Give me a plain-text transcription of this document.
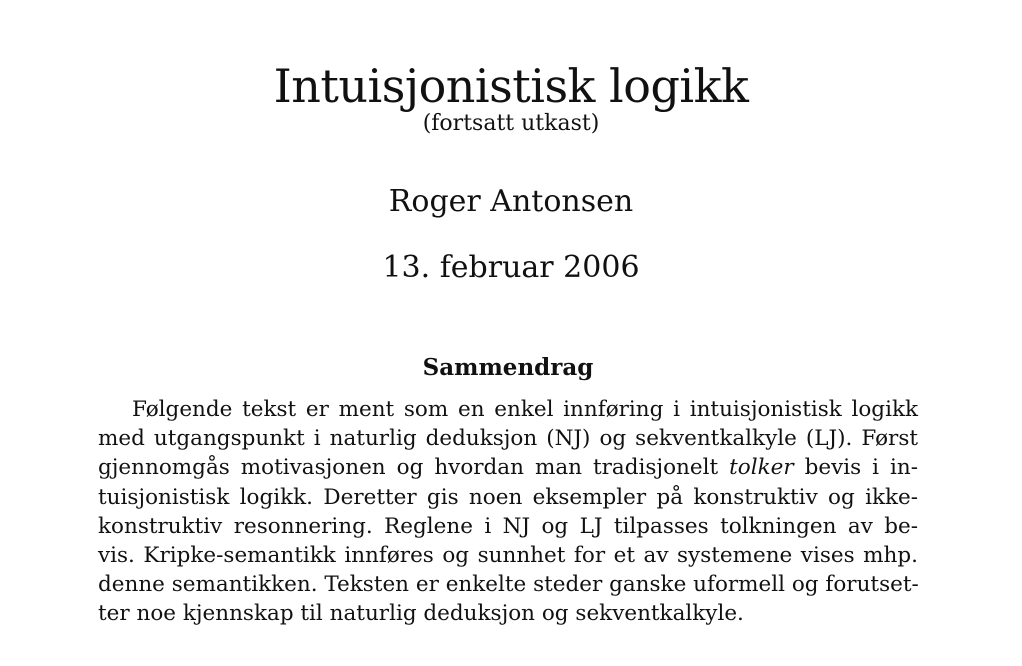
Intuisjonistisk logikk
(fortsatt utkast)
Roger Antonsen
13. februar 2006
Sammendrag
Følgende tekst er ment som en enkel innføring i intuisjonistisk logikk
med utgangspunkt i naturlig deduksjon (NJ) og sekventkalkyle (LJ). Først
gjennomgås motivasjonen og hvordan man tradisjonelt tolker bevis i in-
tuisjonistisk logikk. Deretter gis noen eksempler på konstruktiv og ikke-
konstruktiv resonnering. Reglene i NJ og LJ tilpasses tolkningen av be-
vis. Kripke-semantikk innføres og sunnhet for et av systemene vises mhp.
denne semantikken. Teksten er enkelte steder ganske uformell og forutset-
ter noe kjennskap til naturlig deduksjon og sekventkalkyle.
